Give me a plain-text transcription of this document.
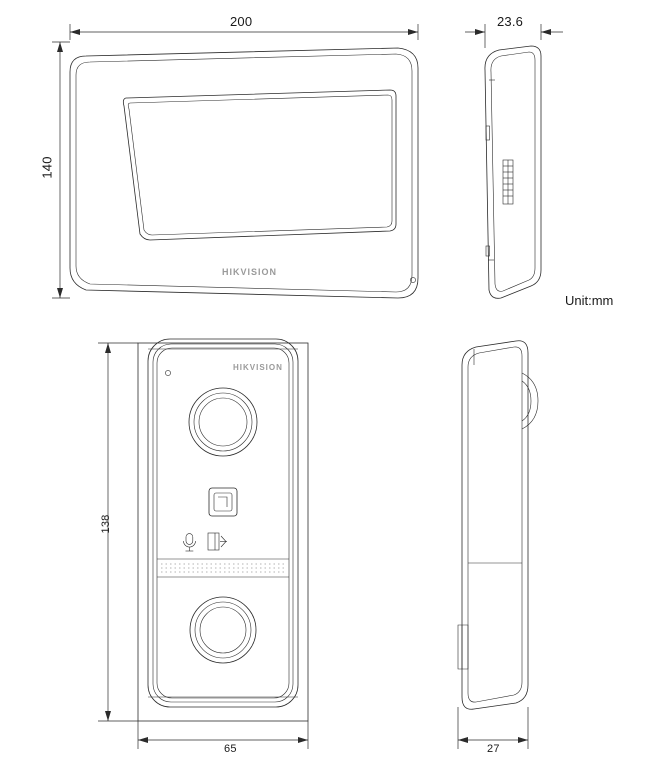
200
140
HIKVISION
23.6
Unit:mm
138
65
HIKVISION
27
